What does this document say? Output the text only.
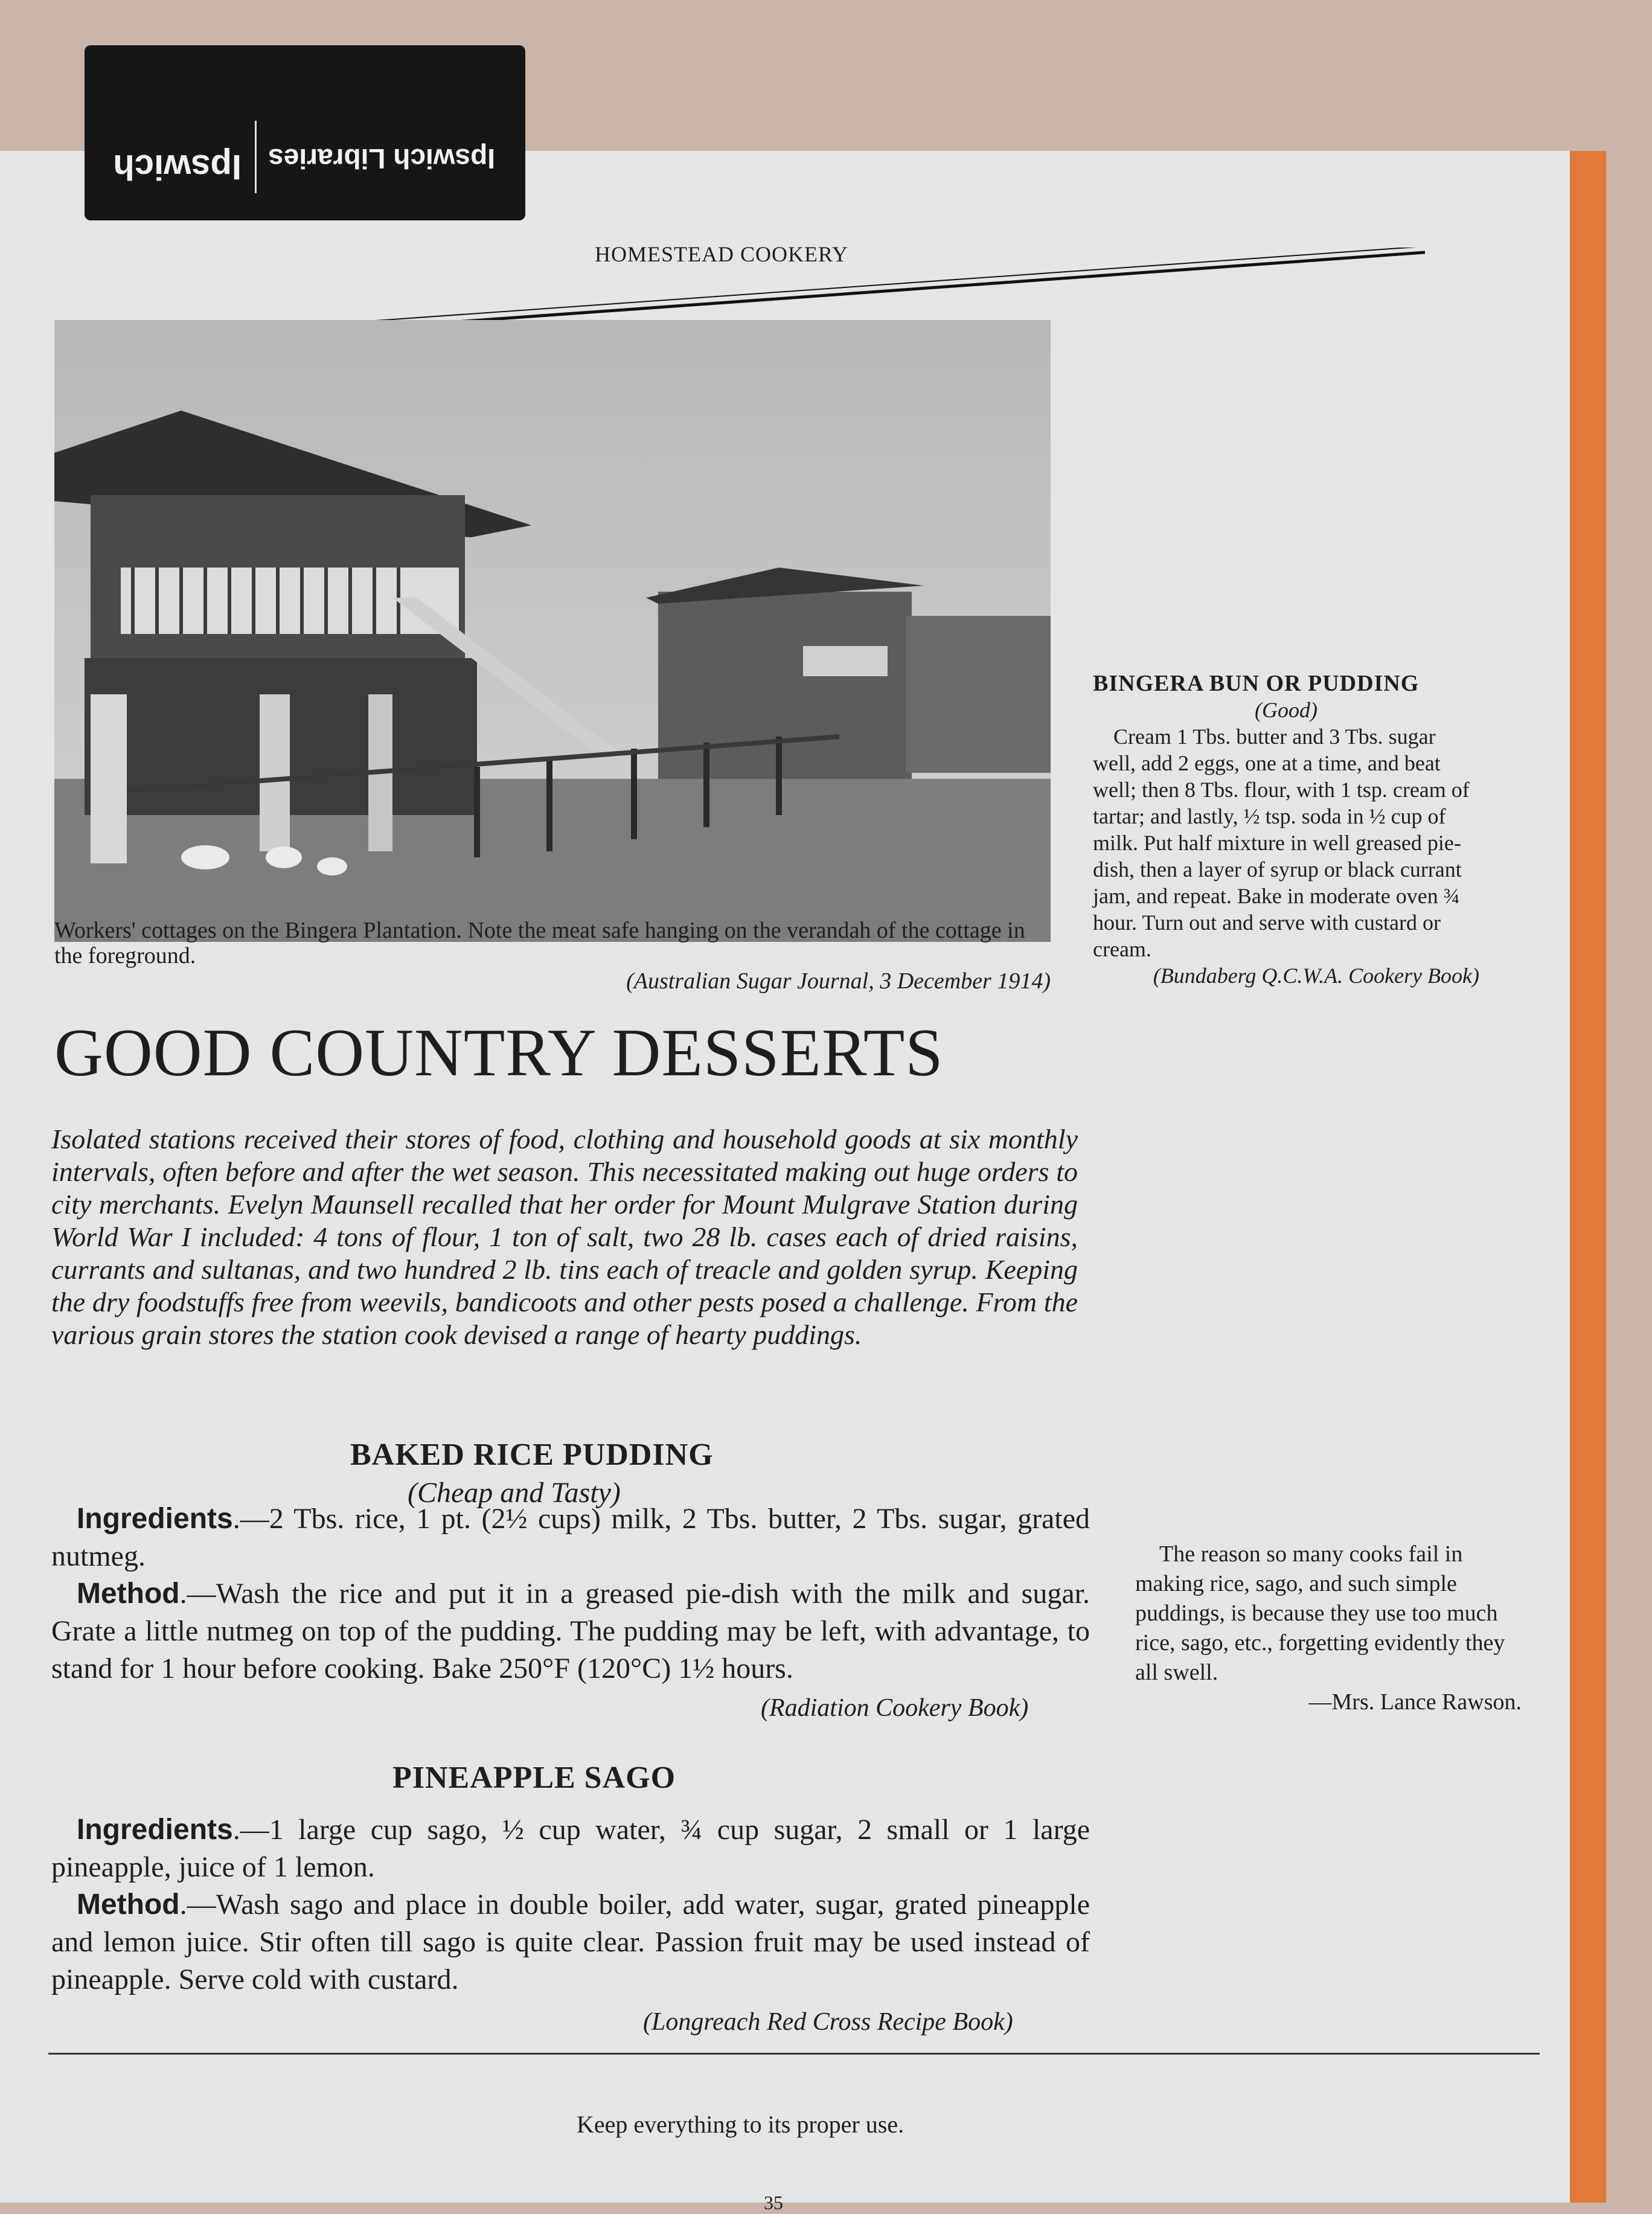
Ipswich Ipswich Libraries
HOMESTEAD COOKERY
Workers' cottages on the Bingera Plantation. Note the meat safe hanging on the verandah of the cottage in the foreground.
(Australian Sugar Journal, 3 December 1914)
GOOD COUNTRY DESSERTS
Isolated stations received their stores of food, clothing and household goods at six monthly intervals, often before and after the wet season. This necessitated making out huge orders to city merchants. Evelyn Maunsell recalled that her order for Mount Mulgrave Station during World War I included: 4 tons of flour, 1 ton of salt, two 28 lb. cases each of dried raisins, currants and sultanas, and two hundred 2 lb. tins each of treacle and golden syrup. Keeping the dry foodstuffs free from weevils, bandicoots and other pests posed a challenge. From the various grain stores the station cook devised a range of hearty puddings.
BAKED RICE PUDDING
(Cheap and Tasty)
Ingredients.—2 Tbs. rice, 1 pt. (2½ cups) milk, 2 Tbs. butter, 2 Tbs. sugar, grated nutmeg.
Method.—Wash the rice and put it in a greased pie-dish with the milk and sugar. Grate a little nutmeg on top of the pudding. The pudding may be left, with advantage, to stand for 1 hour before cooking. Bake 250°F (120°C) 1½ hours.
(Radiation Cookery Book)
PINEAPPLE SAGO
Ingredients.—1 large cup sago, ½ cup water, ¾ cup sugar, 2 small or 1 large pineapple, juice of 1 lemon.
Method.—Wash sago and place in double boiler, add water, sugar, grated pineapple and lemon juice. Stir often till sago is quite clear. Passion fruit may be used instead of pineapple. Serve cold with custard.
(Longreach Red Cross Recipe Book)
BINGERA BUN OR PUDDING
(Good)
Cream 1 Tbs. butter and 3 Tbs. sugar well, add 2 eggs, one at a time, and beat well; then 8 Tbs. flour, with 1 tsp. cream of tartar; and lastly, ½ tsp. soda in ½ cup of milk. Put half mixture in well greased pie-dish, then a layer of syrup or black currant jam, and repeat. Bake in moderate oven ¾ hour. Turn out and serve with custard or cream.
(Bundaberg Q.C.W.A. Cookery Book)
The reason so many cooks fail in making rice, sago, and such simple puddings, is because they use too much rice, sago, etc., forgetting evidently they all swell.
—Mrs. Lance Rawson.
Keep everything to its proper use.
35
